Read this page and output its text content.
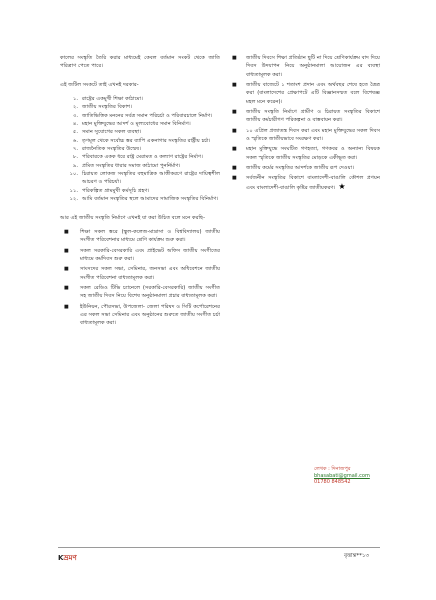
কালের সংস্কৃতি তৈরি করার মাধ্যমেই কেবল বর্তমান সংকট থেকে জাতি পরিত্রাণ পেতে পারে।

এই জটিল সংকটে তাই এখনই দরকার-

১. রাষ্ট্রের একমুখী শিক্ষা কাঠামো।
২. জাতীয় সংস্কৃতির বিকাশ।
৩. জাতিভিত্তিক মননের সর্বত্র সমান পরিচর্চা ও পরিবারচালে নির্মাণ।
৪. মহান মুক্তিযুদ্ধের আদর্শ ও মূল্যবোধের সমান বিনির্মাণ।
৫. সমান সুযোগের সকল ব্যবস্থা।
৬. তৃণমূল থেকে সর্বোচ্চ স্তর ব্যাপি একনাগার সংস্কৃতির রাষ্ট্রীয় চর্চা।
৭. রাজনৈতিক সংস্কৃতির উন্মেষ।
৮. পরিবারকে একক ধরে রাষ্ট্র মেরামত ও কল্যাণ রাষ্ট্রের নির্মাণ।
৯. প্রমিত সংস্কৃতির ধারার সমাজ কাঠামো পুনর্নির্মাণ।
১০. চিরায়ত লোকজ সংস্কৃতির বহুমাত্রিক আত্তীকরণে রাষ্ট্রের দায়িত্বশীল আচরণ ও পরিচর্যা।
১১. পরিকল্পিত গ্রামমুখী কর্মসূচি গ্রহণ।
১২. আমি বর্তমান সংস্কৃতির স্থলে আমাদের সামাজিক সংস্কৃতির বিনির্মাণ।

আর এই জাতীয় সংস্কৃতি নির্মাণে এখনই যা করা উচিত বলে মনে করছি-

■	শিক্ষা সকল স্তরে (স্কুল-কলেজ-মাদ্রাসা ও বিশ্ববিদ্যালয়) জাতীয় সংগীত পরিবেশনার মাধ্যমে শ্রেণি কার্যক্রম শুরু করা।
■	সকল সরকারি-বেসরকারি এবং প্রাইভেট অফিস জাতীয় সংগীতের মাধ্যমে কর্মদিবস শুরু করা।
■	সাংসদের সকল সভা, সেমিনার, জনসভা এবং অধিবেশনে জাতীয় সংগীত পরিবেশনা বাধ্যতামূলক করা।
■	সকল রেডিও টিভি চ্যানেলে (সরকারি-বেসরকারি) জাতীয় সংগীত সহ জাতীয় দিবস নিয়ে বিশেষ অনুষ্ঠানমালা প্রচার বাধ্যতামূলক করা।
■	ইউনিয়ন, পৌরসভা, উপজেলা- জেলা পরিষদ ও সিটি কর্পোরেশনের এর সকল সভা সেমিনার এবং অনুষ্ঠানের শুরুতে জাতীয় সংগীত চর্চা বাধ্যতামূলক করা।
■	জাতীয় দিবসে শিক্ষা প্রতিষ্ঠান ছুটি না দিয়ে শ্রেণিকার্যক্রম বাদ দিয়ে দিবস উদযাপন নিয়ে অনুষ্ঠানমালা আয়োজন এর ব্যবস্থা বাধ্যতামূলক করা।
■	জাতীয় বাজেটে ১ শতাংশ প্রদান এবং অর্থবছর শেষে হতে ত্রৈত্র করা (বাংলাদেশের প্রেক্ষাপটে এটি বিজ্ঞানসম্মত বলে বিশেষজ্ঞ মহল মনে করেন)।
■	জাতীয় সংস্কৃতি নির্মাণে গ্রামীণ ও চিরায়ত সংস্কৃতির বিকাশে জাতীয় কর্মচারীগণ পরিকল্পনা ও বাস্তবায়ন করা।
■	১০ এপ্রিল প্রজাতন্ত্র দিবস করা এবং মহান মুক্তিযুদ্ধের সকল দিবস ও স্মৃতিকে জাতীয়ভাবে সংরক্ষণ করা।
■	মহান মুক্তিযুদ্ধে সংঘটিত গণহত্যা, গণকবর ও অন্যান্য বিষয়ক সকল স্মৃতিকে জাতীয় সংস্কৃতির মোড়কে একীভূত করা।
■	জাতীয় কর্মের সংস্কৃতির আদর্শকে জাতীয় রূপ দেওয়া।
■	সর্বজনীন সংস্কৃতির বিকাশে বাংলাদেশী-বাঙালি কৌশল প্রণয়ন এবং বাংলাদেশী-বাঙালি কৃষ্টির জাতীয়করণ। ★
লেখক : দিনাজপুর
bhasabati@gmail.com
01780 848542
Kভ্রমণ	বৃত্তান্ত**১৩
